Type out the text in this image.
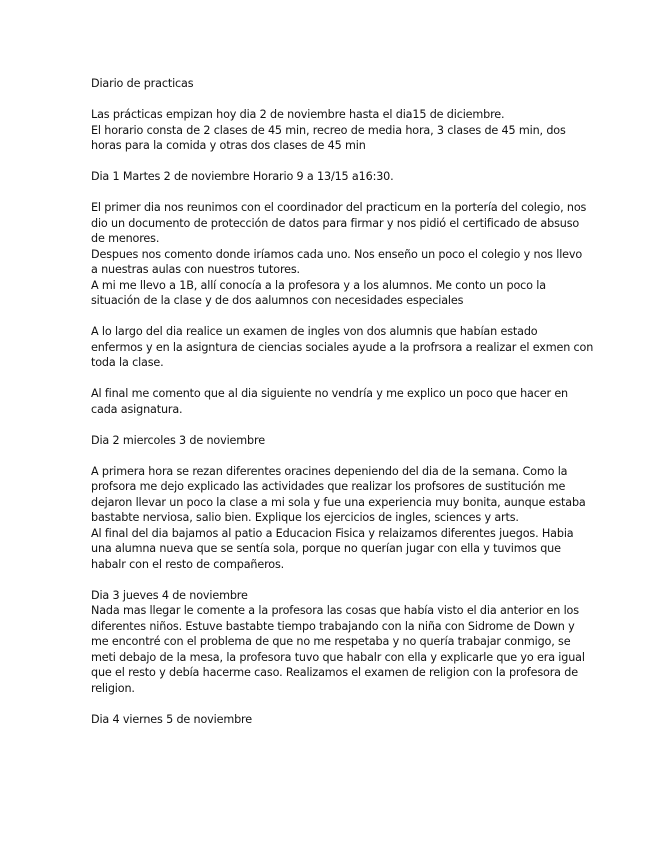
Diario de practicas
Las prácticas empizan hoy dia 2 de noviembre hasta el dia15 de diciembre.
El horario consta de 2 clases de 45 min, recreo de media hora, 3 clases de 45 min, dos
horas para la comida y otras dos clases de 45 min
Dia 1 Martes 2 de noviembre Horario 9 a 13/15 a16:30.
El primer dia nos reunimos con el coordinador del practicum en la portería del colegio, nos
dio un documento de protección de datos para firmar y nos pidió el certificado de absuso
de menores.
Despues nos comento donde iríamos cada uno. Nos enseño un poco el colegio y nos llevo
a nuestras aulas con nuestros tutores.
A mi me llevo a 1B, allí conocía a la profesora y a los alumnos. Me conto un poco la
situación de la clase y de dos aalumnos con necesidades especiales
A lo largo del dia realice un examen de ingles von dos alumnis que habían estado
enfermos y en la asigntura de ciencias sociales ayude a la profrsora a realizar el exmen con
toda la clase.
Al final me comento que al dia siguiente no vendría y me explico un poco que hacer en
cada asignatura.
Dia 2 miercoles 3 de noviembre
A primera hora se rezan diferentes oracines depeniendo del dia de la semana. Como la
profsora me dejo explicado las actividades que realizar los profsores de sustitución me
dejaron llevar un poco la clase a mi sola y fue una experiencia muy bonita, aunque estaba
bastabte nerviosa, salio bien. Explique los ejercicios de ingles, sciences y arts.
Al final del dia bajamos al patio a Educacion Fisica y relaizamos diferentes juegos. Habia
una alumna nueva que se sentía sola, porque no querían jugar con ella y tuvimos que
habalr con el resto de compañeros.
Dia 3 jueves 4 de noviembre
Nada mas llegar le comente a la profesora las cosas que había visto el dia anterior en los
diferentes niños. Estuve bastabte tiempo trabajando con la niña con Sidrome de Down y
me encontré con el problema de que no me respetaba y no quería trabajar conmigo, se
meti debajo de la mesa, la profesora tuvo que habalr con ella y explicarle que yo era igual
que el resto y debía hacerme caso. Realizamos el examen de religion con la profesora de
religion.
Dia 4 viernes 5 de noviembre
